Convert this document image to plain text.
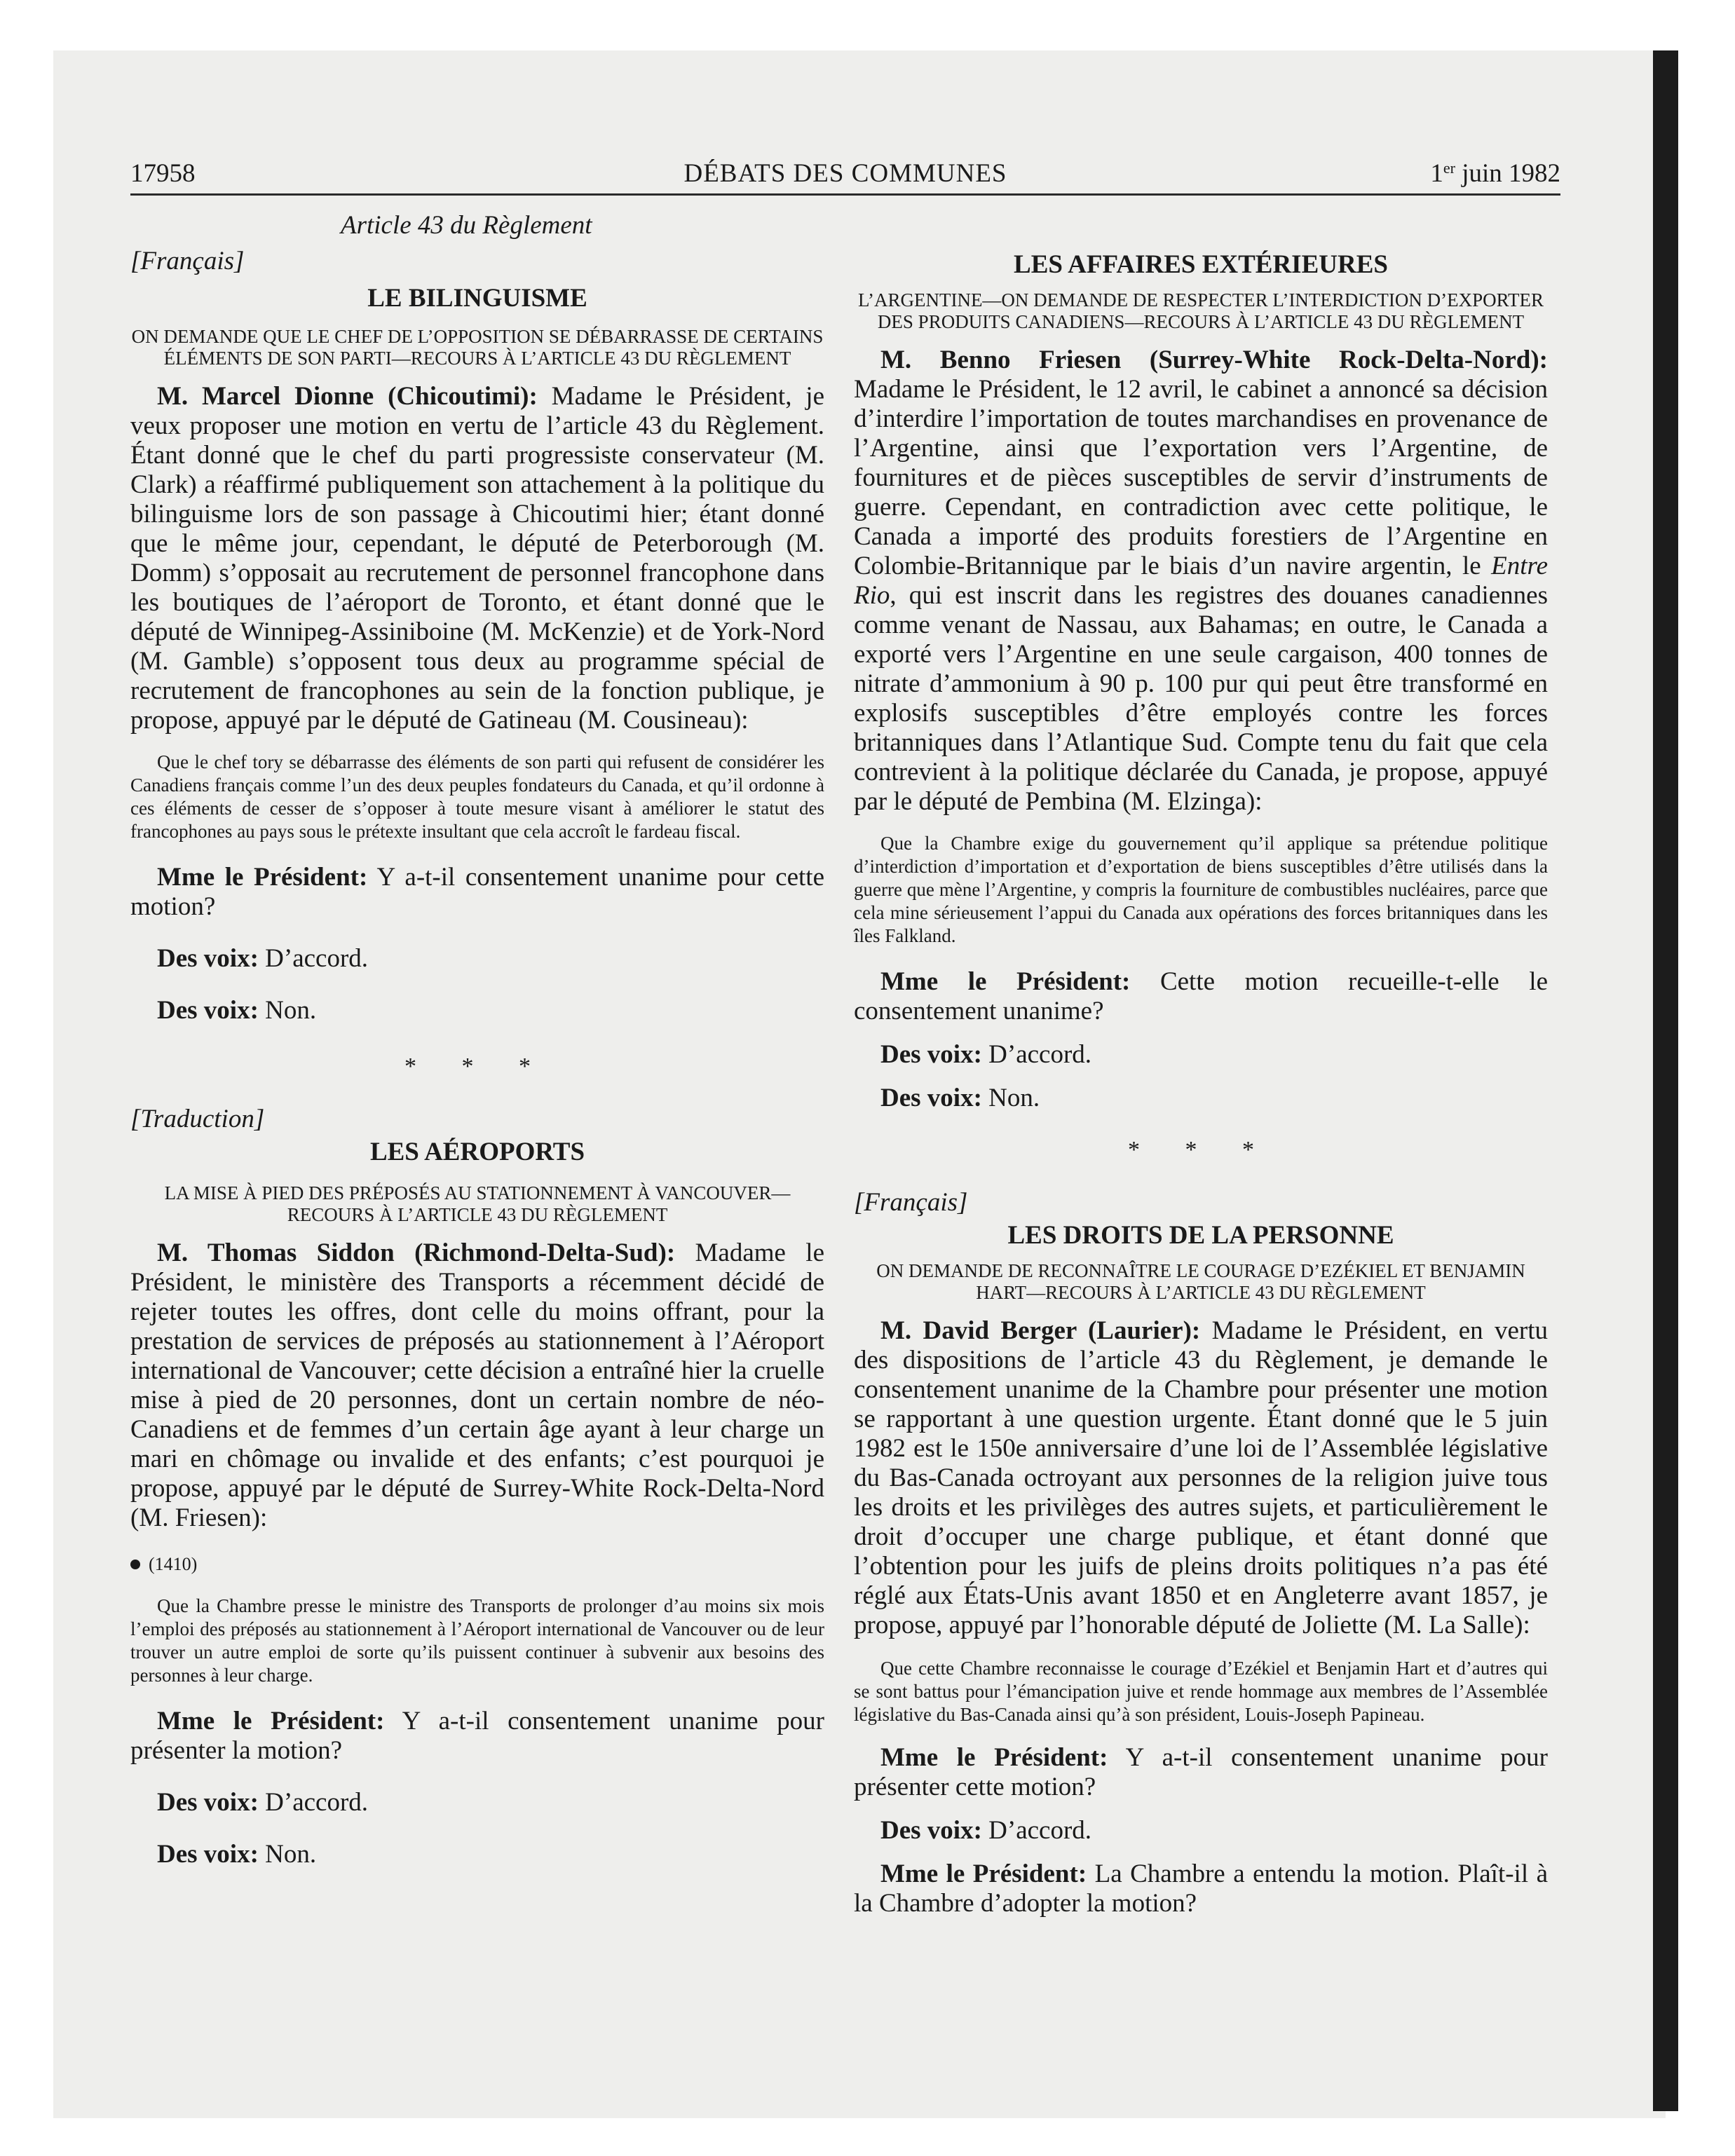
17958	DÉBATS DES COMMUNES	1er juin 1982

Article 43 du Règlement

[Français]

LE BILINGUISME

ON DEMANDE QUE LE CHEF DE L’OPPOSITION SE DÉBARRASSE DE CERTAINS ÉLÉMENTS DE SON PARTI—RECOURS À L’ARTICLE 43 DU RÈGLEMENT

M. Marcel Dionne (Chicoutimi): Madame le Président, je veux proposer une motion en vertu de l’article 43 du Règlement. Étant donné que le chef du parti progressiste conservateur (M. Clark) a réaffirmé publiquement son attachement à la politique du bilinguisme lors de son passage à Chicoutimi hier; étant donné que le même jour, cependant, le député de Peterborough (M. Domm) s’opposait au recrutement de personnel francophone dans les boutiques de l’aéroport de Toronto, et étant donné que le député de Winnipeg-Assiniboine (M. McKenzie) et de York-Nord (M. Gamble) s’opposent tous deux au programme spécial de recrutement de francophones au sein de la fonction publique, je propose, appuyé par le député de Gatineau (M. Cousineau):

Que le chef tory se débarrasse des éléments de son parti qui refusent de considérer les Canadiens français comme l’un des deux peuples fondateurs du Canada, et qu’il ordonne à ces éléments de cesser de s’opposer à toute mesure visant à améliorer le statut des francophones au pays sous le prétexte insultant que cela accroît le fardeau fiscal.

Mme le Président: Y a-t-il consentement unanime pour cette motion?

Des voix: D’accord.

Des voix: Non.

* * *

[Traduction]

LES AÉROPORTS

LA MISE À PIED DES PRÉPOSÉS AU STATIONNEMENT À VANCOUVER—RECOURS À L’ARTICLE 43 DU RÈGLEMENT

M. Thomas Siddon (Richmond-Delta-Sud): Madame le Président, le ministère des Transports a récemment décidé de rejeter toutes les offres, dont celle du moins offrant, pour la prestation de services de préposés au stationnement à l’Aéroport international de Vancouver; cette décision a entraîné hier la cruelle mise à pied de 20 personnes, dont un certain nombre de néo-Canadiens et de femmes d’un certain âge ayant à leur charge un mari en chômage ou invalide et des enfants; c’est pourquoi je propose, appuyé par le député de Surrey-White Rock-Delta-Nord (M. Friesen):

(1410)

Que la Chambre presse le ministre des Transports de prolonger d’au moins six mois l’emploi des préposés au stationnement à l’Aéroport international de Vancouver ou de leur trouver un autre emploi de sorte qu’ils puissent continuer à subvenir aux besoins des personnes à leur charge.

Mme le Président: Y a-t-il consentement unanime pour présenter la motion?

Des voix: D’accord.

Des voix: Non.

LES AFFAIRES EXTÉRIEURES

L’ARGENTINE—ON DEMANDE DE RESPECTER L’INTERDICTION D’EXPORTER DES PRODUITS CANADIENS—RECOURS À L’ARTICLE 43 DU RÈGLEMENT

M. Benno Friesen (Surrey-White Rock-Delta-Nord): Madame le Président, le 12 avril, le cabinet a annoncé sa décision d’interdire l’importation de toutes marchandises en provenance de l’Argentine, ainsi que l’exportation vers l’Argentine, de fournitures et de pièces susceptibles de servir d’instruments de guerre. Cependant, en contradiction avec cette politique, le Canada a importé des produits forestiers de l’Argentine en Colombie-Britannique par le biais d’un navire argentin, le Entre Rio, qui est inscrit dans les registres des douanes canadiennes comme venant de Nassau, aux Bahamas; en outre, le Canada a exporté vers l’Argentine en une seule cargaison, 400 tonnes de nitrate d’ammonium à 90 p. 100 pur qui peut être transformé en explosifs susceptibles d’être employés contre les forces britanniques dans l’Atlantique Sud. Compte tenu du fait que cela contrevient à la politique déclarée du Canada, je propose, appuyé par le député de Pembina (M. Elzinga):

Que la Chambre exige du gouvernement qu’il applique sa prétendue politique d’interdiction d’importation et d’exportation de biens susceptibles d’être utilisés dans la guerre que mène l’Argentine, y compris la fourniture de combustibles nucléaires, parce que cela mine sérieusement l’appui du Canada aux opérations des forces britanniques dans les îles Falkland.

Mme le Président: Cette motion recueille-t-elle le consentement unanime?

Des voix: D’accord.

Des voix: Non.

* * *

[Français]

LES DROITS DE LA PERSONNE

ON DEMANDE DE RECONNAÎTRE LE COURAGE D’EZÉKIEL ET BENJAMIN HART—RECOURS À L’ARTICLE 43 DU RÈGLEMENT

M. David Berger (Laurier): Madame le Président, en vertu des dispositions de l’article 43 du Règlement, je demande le consentement unanime de la Chambre pour présenter une motion se rapportant à une question urgente. Étant donné que le 5 juin 1982 est le 150e anniversaire d’une loi de l’Assemblée législative du Bas-Canada octroyant aux personnes de la religion juive tous les droits et les privilèges des autres sujets, et particulièrement le droit d’occuper une charge publique, et étant donné que l’obtention pour les juifs de pleins droits politiques n’a pas été réglé aux États-Unis avant 1850 et en Angleterre avant 1857, je propose, appuyé par l’honorable député de Joliette (M. La Salle):

Que cette Chambre reconnaisse le courage d’Ezékiel et Benjamin Hart et d’autres qui se sont battus pour l’émancipation juive et rende hommage aux membres de l’Assemblée législative du Bas-Canada ainsi qu’à son président, Louis-Joseph Papineau.

Mme le Président: Y a-t-il consentement unanime pour présenter cette motion?

Des voix: D’accord.

Mme le Président: La Chambre a entendu la motion. Plaît-il à la Chambre d’adopter la motion?
